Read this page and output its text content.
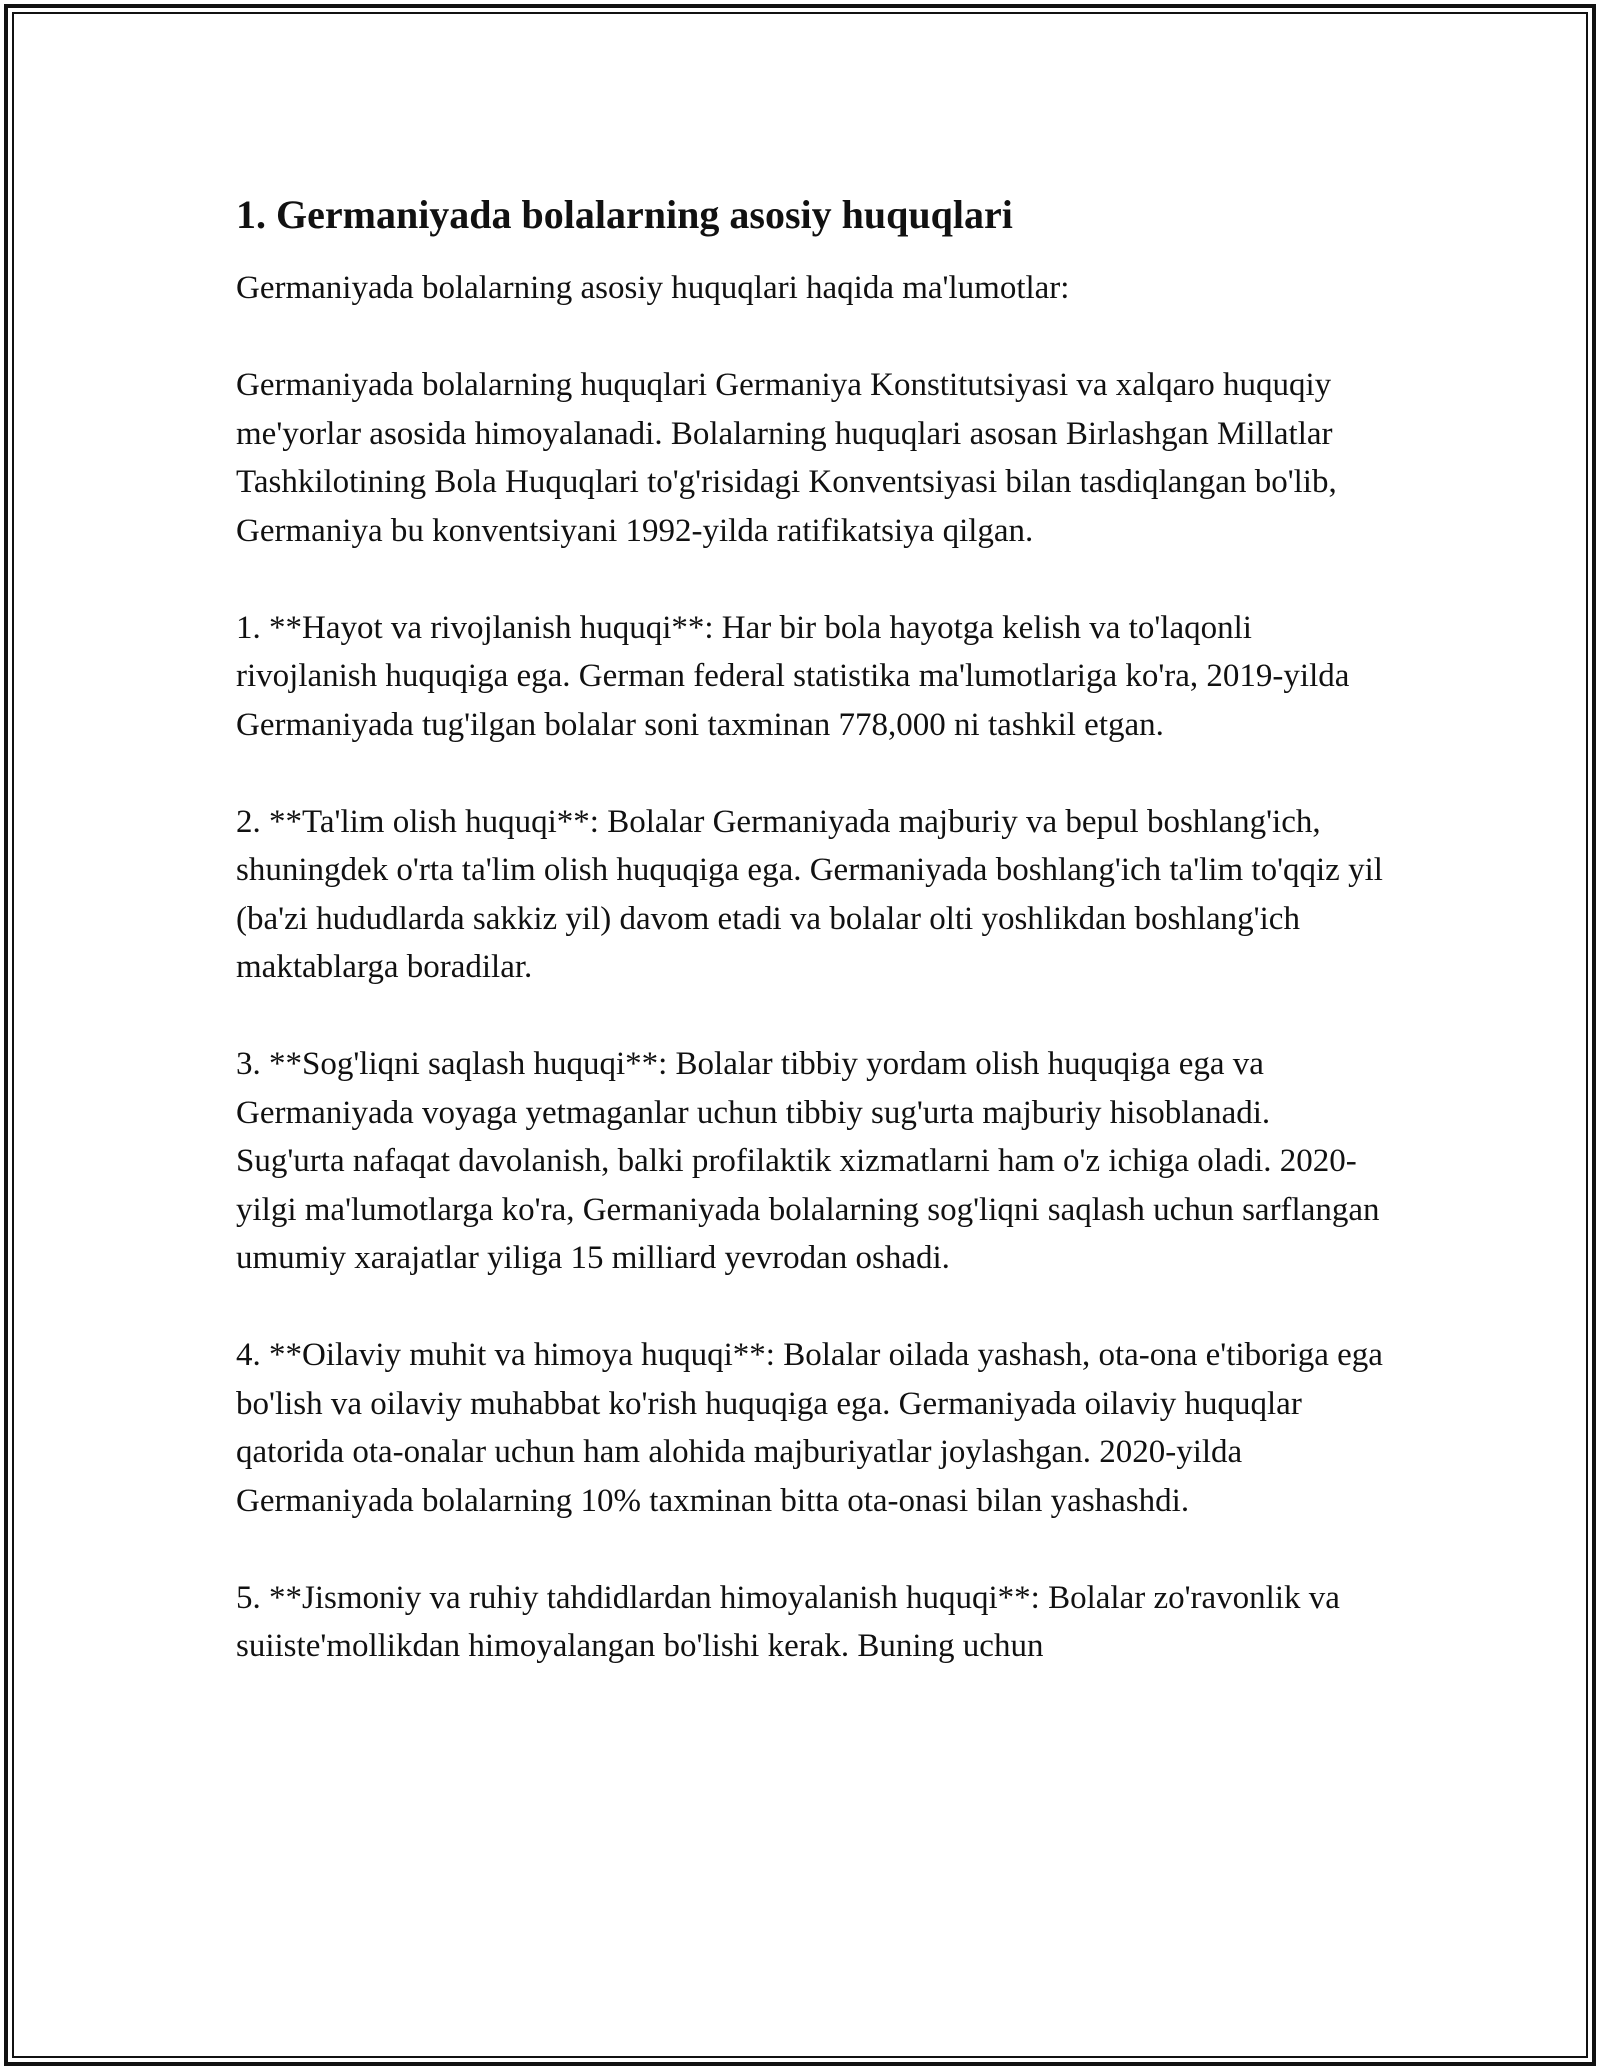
1. Germaniyada bolalarning asosiy huquqlari

Germaniyada bolalarning asosiy huquqlari haqida ma'lumotlar:

Germaniyada bolalarning huquqlari Germaniya Konstitutsiyasi va xalqaro huquqiy me'yorlar asosida himoyalanadi. Bolalarning huquqlari asosan Birlashgan Millatlar Tashkilotining Bola Huquqlari to'g'risidagi Konventsiyasi bilan tasdiqlangan bo'lib, Germaniya bu konventsiyani 1992-yilda ratifikatsiya qilgan.

1. **Hayot va rivojlanish huquqi**: Har bir bola hayotga kelish va to'laqonli rivojlanish huquqiga ega. German federal statistika ma'lumotlariga ko'ra, 2019-yilda Germaniyada tug'ilgan bolalar soni taxminan 778,000 ni tashkil etgan.

2. **Ta'lim olish huquqi**: Bolalar Germaniyada majburiy va bepul boshlang'ich, shuningdek o'rta ta'lim olish huquqiga ega. Germaniyada boshlang'ich ta'lim to'qqiz yil (ba'zi hududlarda sakkiz yil) davom etadi va bolalar olti yoshlikdan boshlang'ich maktablarga boradilar.

3. **Sog'liqni saqlash huquqi**: Bolalar tibbiy yordam olish huquqiga ega va Germaniyada voyaga yetmaganlar uchun tibbiy sug'urta majburiy hisoblanadi. Sug'urta nafaqat davolanish, balki profilaktik xizmatlarni ham o'z ichiga oladi. 2020-yilgi ma'lumotlarga ko'ra, Germaniyada bolalarning sog'liqni saqlash uchun sarflangan umumiy xarajatlar yiliga 15 milliard yevrodan oshadi.

4. **Oilaviy muhit va himoya huquqi**: Bolalar oilada yashash, ota-ona e'tiboriga ega bo'lish va oilaviy muhabbat ko'rish huquqiga ega. Germaniyada oilaviy huquqlar qatorida ota-onalar uchun ham alohida majburiyatlar joylashgan. 2020-yilda Germaniyada bolalarning 10% taxminan bitta ota-onasi bilan yashashdi.

5. **Jismoniy va ruhiy tahdidlardan himoyalanish huquqi**: Bolalar zo'ravonlik va suiiste'mollikdan himoyalangan bo'lishi kerak. Buning uchun
